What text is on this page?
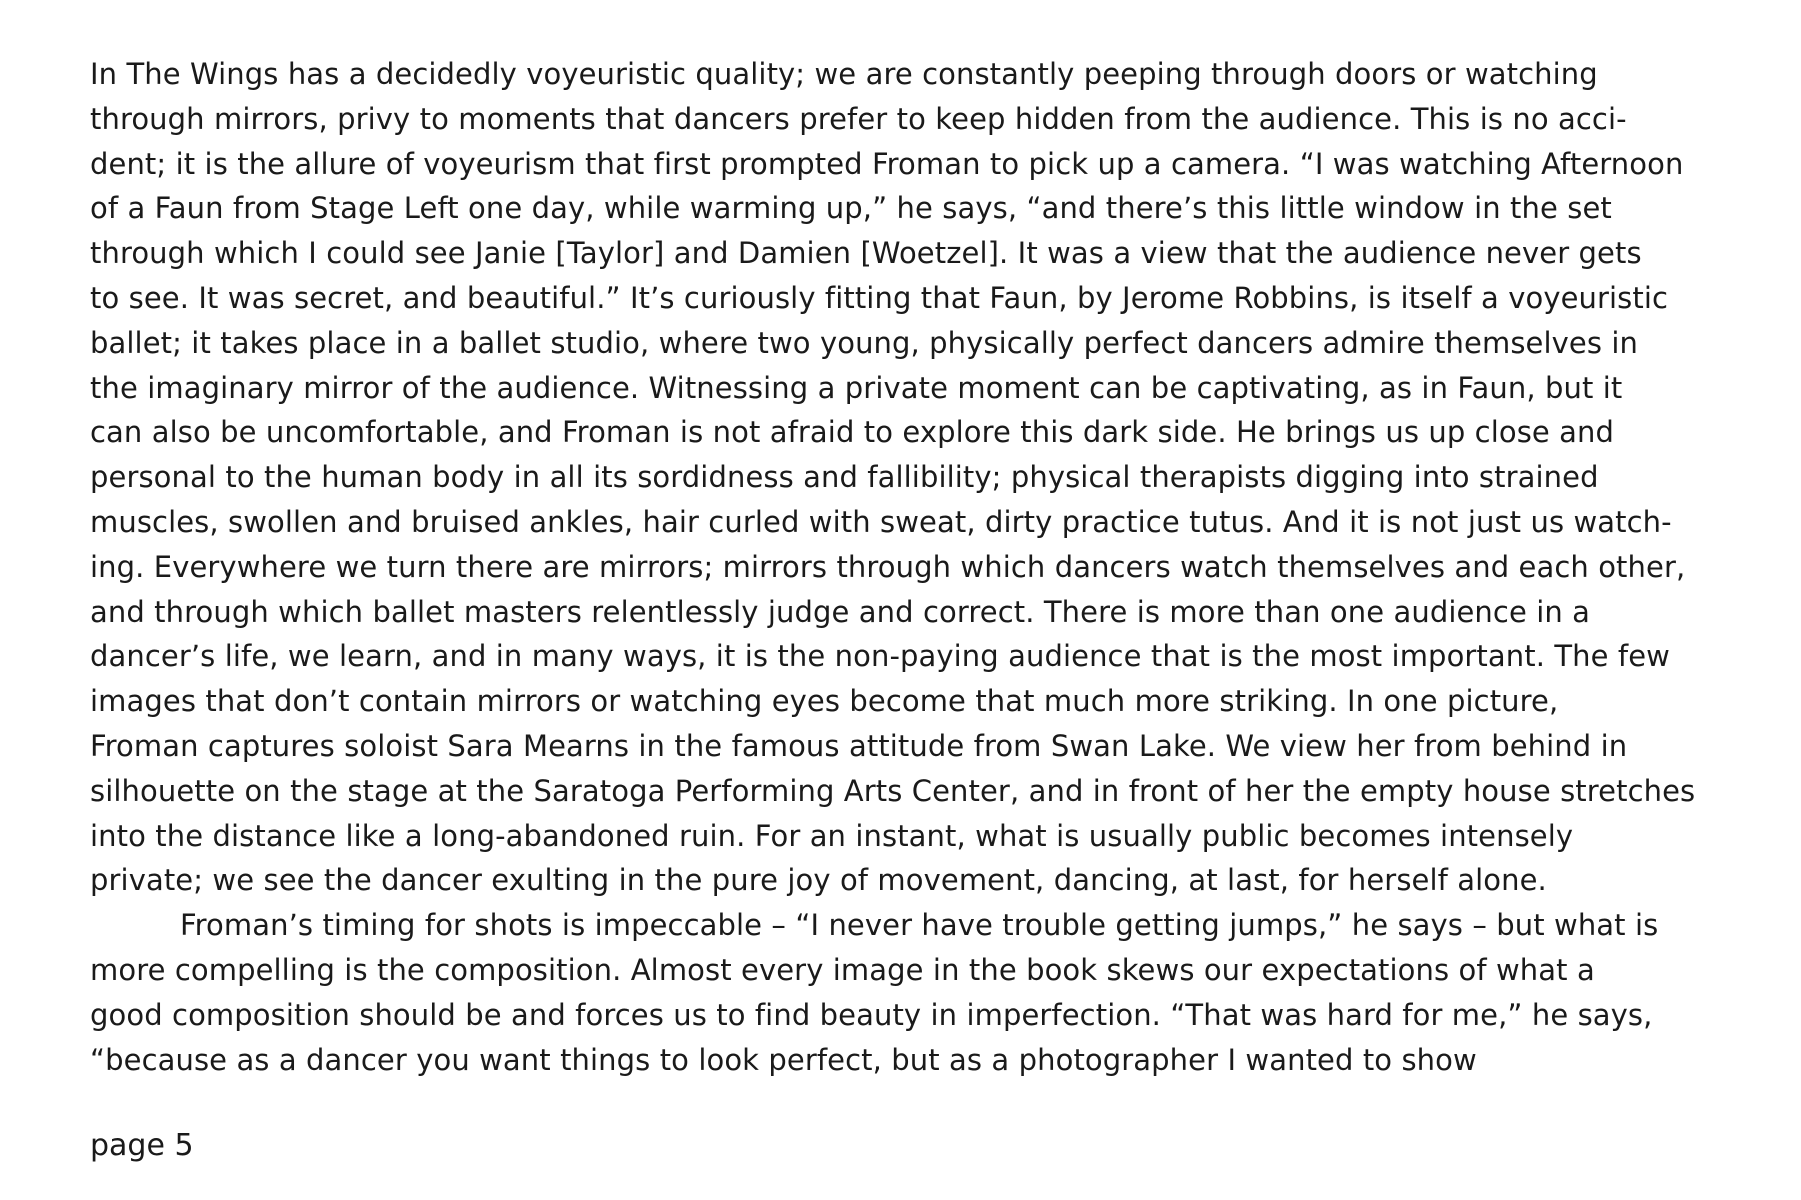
In The Wings has a decidedly voyeuristic quality; we are constantly peeping through doors or watching
through mirrors, privy to moments that dancers prefer to keep hidden from the audience. This is no acci-
dent; it is the allure of voyeurism that first prompted Froman to pick up a camera. “I was watching Afternoon
of a Faun from Stage Left one day, while warming up,” he says, “and there’s this little window in the set
through which I could see Janie [Taylor] and Damien [Woetzel]. It was a view that the audience never gets
to see. It was secret, and beautiful.” It’s curiously fitting that Faun, by Jerome Robbins, is itself a voyeuristic
ballet; it takes place in a ballet studio, where two young, physically perfect dancers admire themselves in
the imaginary mirror of the audience. Witnessing a private moment can be captivating, as in Faun, but it
can also be uncomfortable, and Froman is not afraid to explore this dark side. He brings us up close and
personal to the human body in all its sordidness and fallibility; physical therapists digging into strained
muscles, swollen and bruised ankles, hair curled with sweat, dirty practice tutus. And it is not just us watch-
ing. Everywhere we turn there are mirrors; mirrors through which dancers watch themselves and each other,
and through which ballet masters relentlessly judge and correct. There is more than one audience in a
dancer’s life, we learn, and in many ways, it is the non-paying audience that is the most important. The few
images that don’t contain mirrors or watching eyes become that much more striking. In one picture,
Froman captures soloist Sara Mearns in the famous attitude from Swan Lake. We view her from behind in
silhouette on the stage at the Saratoga Performing Arts Center, and in front of her the empty house stretches
into the distance like a long-abandoned ruin. For an instant, what is usually public becomes intensely
private; we see the dancer exulting in the pure joy of movement, dancing, at last, for herself alone.
Froman’s timing for shots is impeccable – “I never have trouble getting jumps,” he says – but what is
more compelling is the composition. Almost every image in the book skews our expectations of what a
good composition should be and forces us to find beauty in imperfection. “That was hard for me,” he says,
“because as a dancer you want things to look perfect, but as a photographer I wanted to show
page 5
